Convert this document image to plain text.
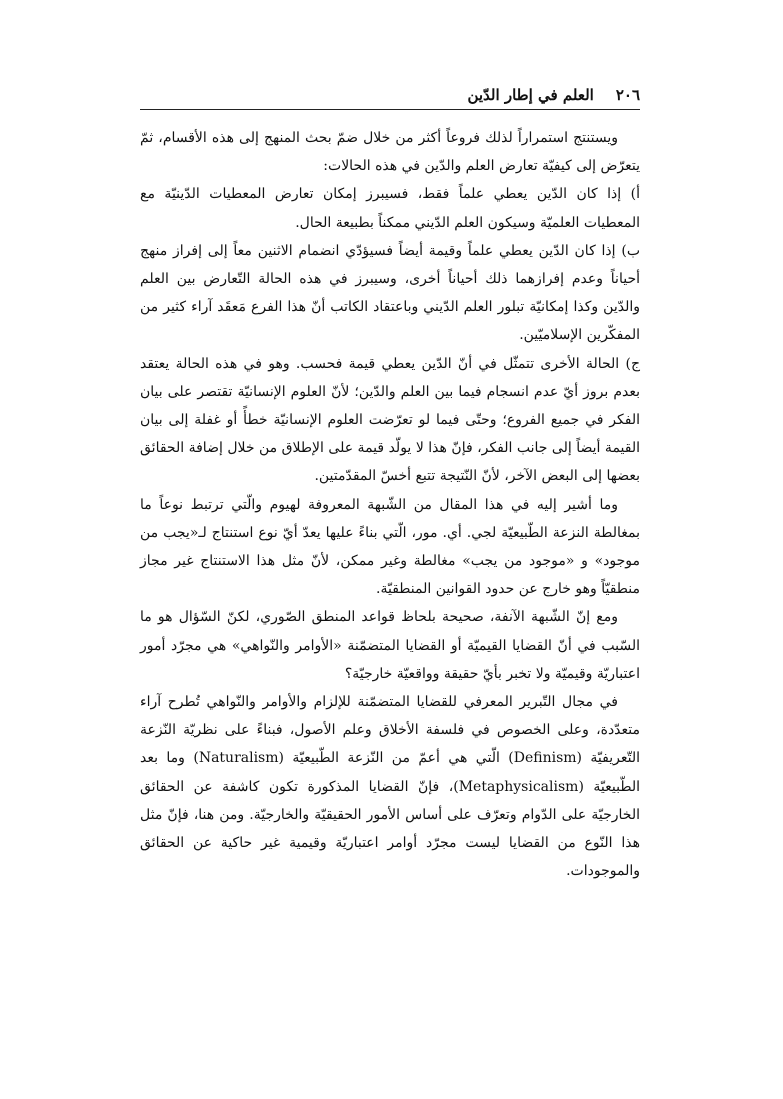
٢٠٦العلم في إطار الدّين

ويستنتج استمراراً لذلك فروعاً أكثر من خلال ضمّ بحث المنهج إلى هذه الأقسام، ثمّ يتعرّض إلى كيفيّة تعارض العلم والدّين في هذه الحالات:

أ) إذا كان الدّين يعطي علماً فقط، فسيبرز إمكان تعارض المعطيات الدّينيّة مع المعطيات العلميّة وسيكون العلم الدّيني ممكناً بطبيعة الحال.

ب) إذا كان الدّين يعطي علماً وقيمة أيضاً فسيؤدّي انضمام الاثنين معاً إلى إفراز منهج أحياناً وعدم إفرازهما ذلك أحياناً أخرى، وسيبرز في هذه الحالة التّعارض بين العلم والدّين وكذا إمكانيّة تبلور العلم الدّيني وباعتقاد الكاتب أنّ هذا الفرع مَعقَد آراء كثير من المفكّرين الإسلاميّين.

ج) الحالة الأخرى تتمثّل في أنّ الدّين يعطي قيمة فحسب. وهو في هذه الحالة يعتقد بعدم بروز أيّ عدم انسجام فيما بين العلم والدّين؛ لأنّ العلوم الإنسانيّة تقتصر على بيان الفكر في جميع الفروع؛ وحتّى فيما لو تعرّضت العلوم الإنسانيّة خطأً أو غفلة إلى بيان القيمة أيضاً إلى جانب الفكر، فإنّ هذا لا يولّد قيمة على الإطلاق من خلال إضافة الحقائق بعضها إلى البعض الآخر، لأنّ النّتيجة تتبع أخسّ المقدّمتين.

وما أشير إليه في هذا المقال من الشّبهة المعروفة لهيوم والّتي ترتبط نوعاً ما بمغالطة النزعة الطّبيعيّة لجي. أي. مور، الّتي بناءً عليها يعدّ أيّ نوع استنتاج لـ«يجب من موجود» و «موجود من يجب» مغالطة وغير ممكن، لأنّ مثل هذا الاستنتاج غير مجاز منطقيّاً وهو خارج عن حدود القوانين المنطقيّة.

ومع إنّ الشّبهة الآنفة، صحيحة بلحاظ قواعد المنطق الصّوري، لكنّ السّؤال هو ما السّبب في أنّ القضايا القيميّة أو القضايا المتضمّنة «الأوامر والنّواهي» هي مجرّد أمور اعتباريّة وقيميّة ولا تخبر بأيّ حقيقة وواقعيّة خارجيّة؟

في مجال التّبرير المعرفي للقضايا المتضمّنة للإلزام والأوامر والنّواهي تُطرح آراء متعدّدة، وعلى الخصوص في فلسفة الأخلاق وعلم الأصول، فبناءً على نظريّة النّزعة التّعريفيّة (Definism) الّتي هي أعمّ من النّزعة الطّبيعيّة (Naturalism) وما بعد الطّبيعيّة (Metaphysicalism)، فإنّ القضايا المذكورة تكون كاشفة عن الحقائق الخارجيّة على الدّوام وتعرّف على أساس الأمور الحقيقيّة والخارجيّة. ومن هنا، فإنّ مثل هذا النّوع من القضايا ليست مجرّد أوامر اعتباريّة وقيمية غير حاكية عن الحقائق والموجودات.
